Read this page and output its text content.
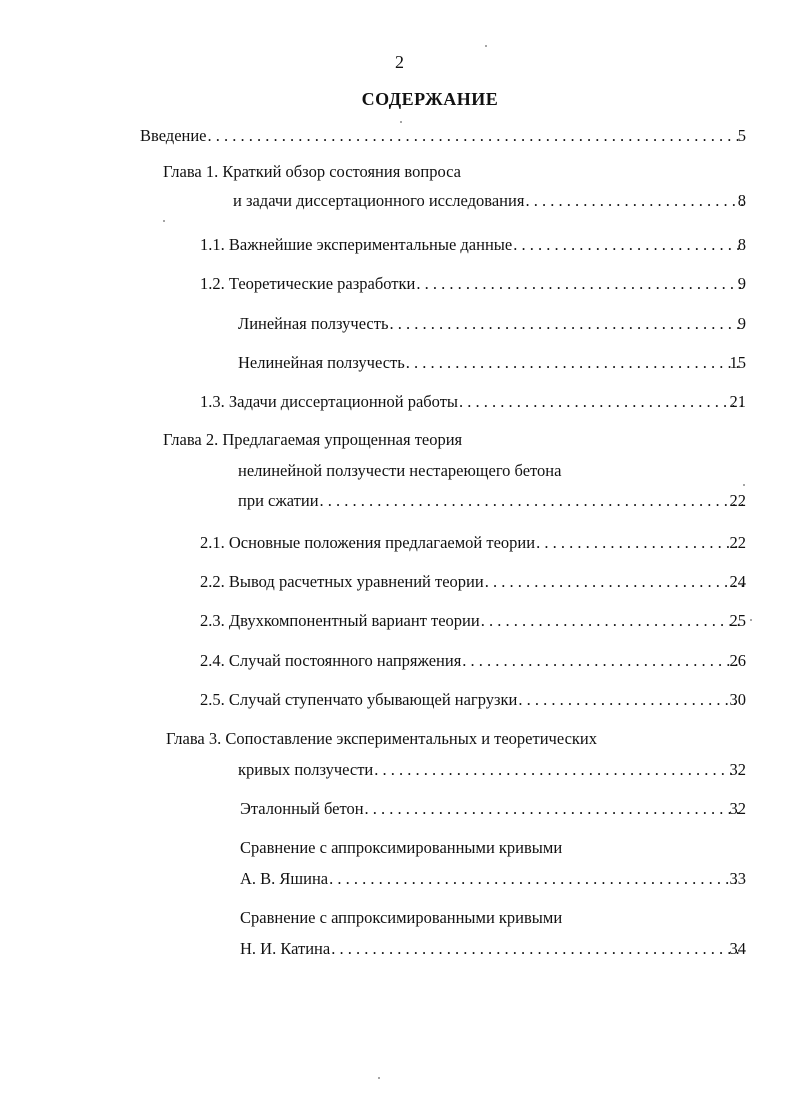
2
СОДЕРЖАНИЕ
Введение . . .	5
Глава 1. Краткий обзор состояния вопроса
и задачи диссертационного исследования . . .	8
1.1. Важнейшие экспериментальные данные . . .	8
1.2. Теоретические разработки . . .	9
Линейная ползучесть . . .	9
Нелинейная ползучесть . . .	15
1.3. Задачи диссертационной работы . . .	21
Глава 2. Предлагаемая упрощенная теория
нелинейной ползучести нестареющего бетона
при сжатии . . .	22
2.1. Основные положения предлагаемой теории . . .	22
2.2. Вывод расчетных уравнений теории . . .	24
2.3. Двухкомпонентный вариант теории . . .	25
2.4. Случай постоянного напряжения . . .	26
2.5. Случай ступенчато убывающей нагрузки . . .	30
Глава 3. Сопоставление экспериментальных и теоретических
кривых ползучести . . .	32
Эталонный бетон . . .	32
Сравнение с аппроксимированными кривыми
А. В. Яшина . . .	33
Сравнение с аппроксимированными кривыми
Н. И. Катина . . .	34
